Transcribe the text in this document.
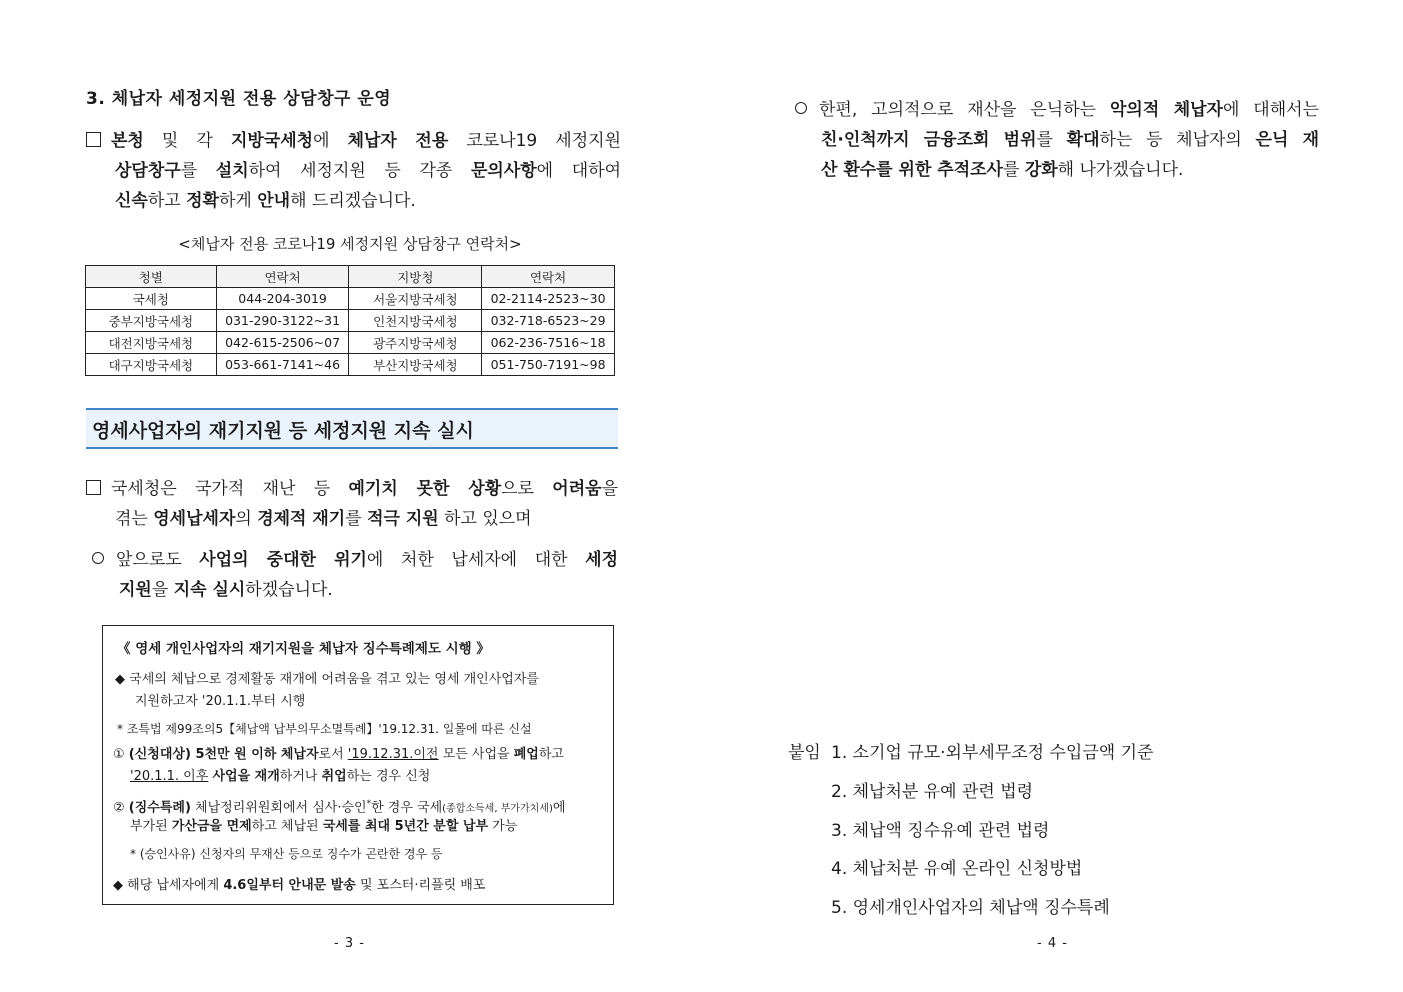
3. 체납자 세정지원 전용 상담창구 운영
본청 및 각 지방국세청에 체납자 전용 코로나19 세정지원
상담창구를 설치하여 세정지원 등 각종 문의사항에 대하여
신속하고 정확하게 안내해 드리겠습니다.
<체납자 전용 코로나19 세정지원 상담창구 연락처>
청별	연락처	지방청	연락처
국세청	044-204-3019	서울지방국세청	02-2114-2523~30
중부지방국세청	031-290-3122~31	인천지방국세청	032-718-6523~29
대전지방국세청	042-615-2506~07	광주지방국세청	062-236-7516~18
대구지방국세청	053-661-7141~46	부산지방국세청	051-750-7191~98
영세사업자의 재기지원 등 세정지원 지속 실시
국세청은 국가적 재난 등 예기치 못한 상황으로 어려움을
겪는 영세납세자의 경제적 재기를 적극 지원 하고 있으며
앞으로도 사업의 중대한 위기에 처한 납세자에 대한 세정
지원을 지속 실시하겠습니다.
《 영세 개인사업자의 재기지원을 체납자 징수특례제도 시행 》
◆ 국세의 체납으로 경제활동 재개에 어려움을 겪고 있는 영세 개인사업자를
지원하고자 '20.1.1.부터 시행
* 조특법 제99조의5【체납액 납부의무소멸특례】'19.12.31. 일몰에 따른 신설
① (신청대상) 5천만 원 이하 체납자로서 '19.12.31.이전 모든 사업을 폐업하고
'20.1.1. 이후 사업을 재개하거나 취업하는 경우 신청
② (징수특례) 체납정리위원회에서 심사·승인*한 경우 국세(종합소득세, 부가가치세)에
부가된 가산금을 면제하고 체납된 국세를 최대 5년간 분할 납부 가능
* (승인사유) 신청자의 무재산 등으로 징수가 곤란한 경우 등
◆ 해당 납세자에게 4.6일부터 안내문 발송 및 포스터·리플릿 배포
- 3 -
한편, 고의적으로 재산을 은닉하는 악의적 체납자에 대해서는
친·인척까지 금융조회 범위를 확대하는 등 체납자의 은닉 재
산 환수를 위한 추적조사를 강화해 나가겠습니다.
붙임 1. 소기업 규모·외부세무조정 수입금액 기준
2. 체납처분 유예 관련 법령
3. 체납액 징수유예 관련 법령
4. 체납처분 유예 온라인 신청방법
5. 영세개인사업자의 체납액 징수특례
- 4 -
